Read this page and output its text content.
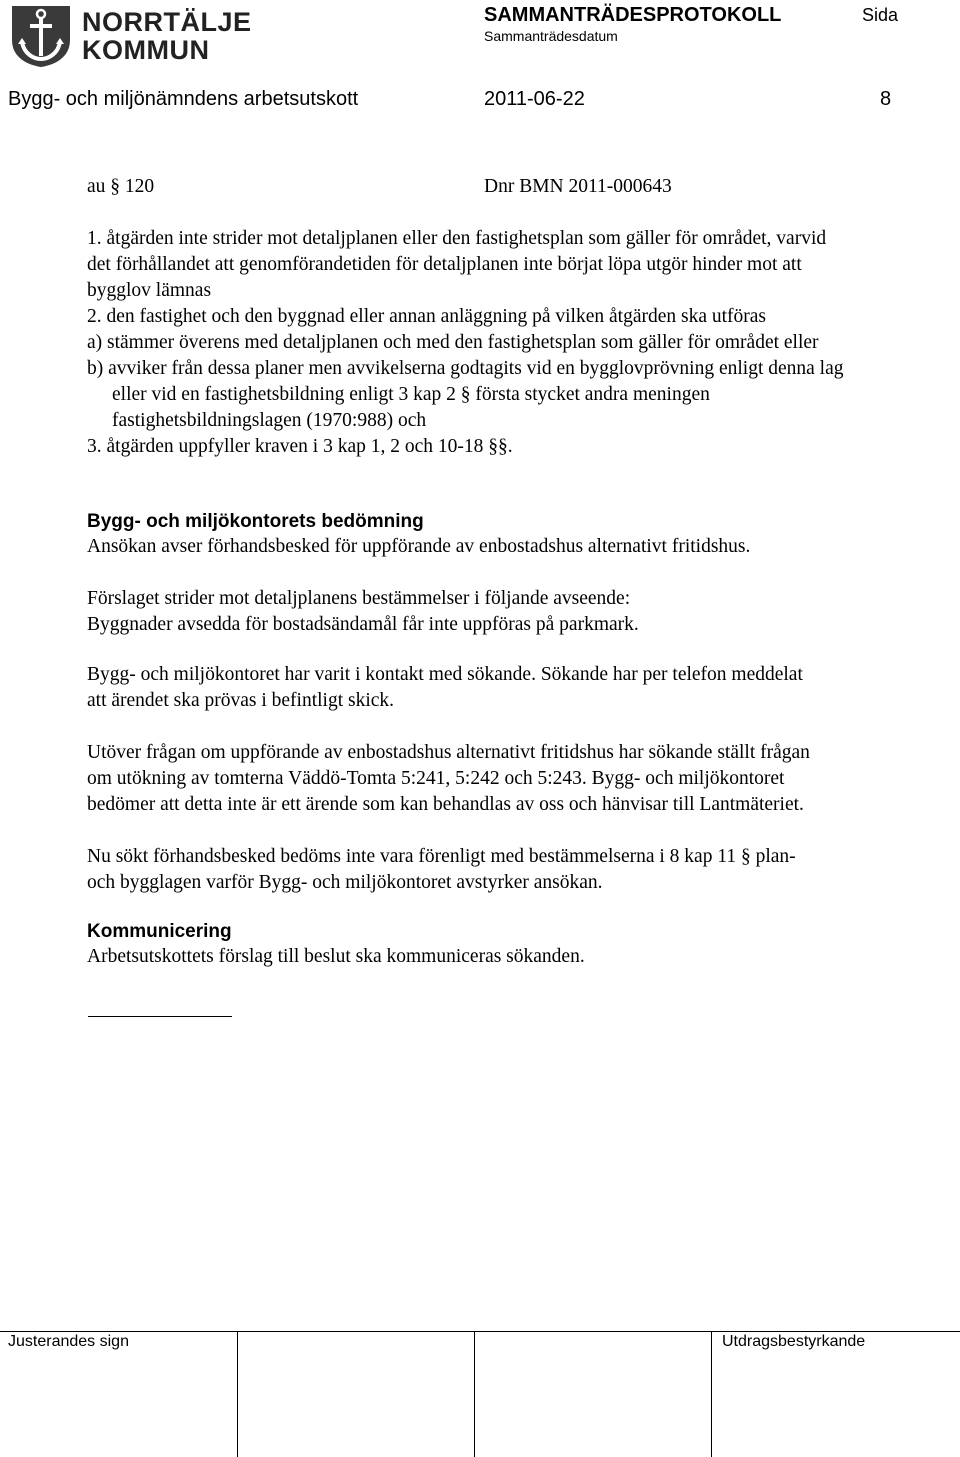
NORRTÄLJE
KOMMUN
SAMMANTRÄDESPROTOKOLL
Sammanträdesdatum
Sida
Bygg- och miljönämndens arbetsutskott	2011-06-22	8
au § 120	Dnr BMN 2011-000643
1. åtgärden inte strider mot detaljplanen eller den fastighetsplan som gäller för området, varvid
det förhållandet att genomförandetiden för detaljplanen inte börjat löpa utgör hinder mot att
bygglov lämnas
2. den fastighet och den byggnad eller annan anläggning på vilken åtgärden ska utföras
a) stämmer överens med detaljplanen och med den fastighetsplan som gäller för området eller
b) avviker från dessa planer men avvikelserna godtagits vid en bygglovprövning enligt denna lag
eller vid en fastighetsbildning enligt 3 kap 2 § första stycket andra meningen
fastighetsbildningslagen (1970:988) och
3. åtgärden uppfyller kraven i 3 kap 1, 2 och 10-18 §§.
Bygg- och miljökontorets bedömning
Ansökan avser förhandsbesked för uppförande av enbostadshus alternativt fritidshus.
Förslaget strider mot detaljplanens bestämmelser i följande avseende:
Byggnader avsedda för bostadsändamål får inte uppföras på parkmark.
Bygg- och miljökontoret har varit i kontakt med sökande. Sökande har per telefon meddelat
att ärendet ska prövas i befintligt skick.
Utöver frågan om uppförande av enbostadshus alternativt fritidshus har sökande ställt frågan
om utökning av tomterna Väddö-Tomta 5:241, 5:242 och 5:243. Bygg- och miljökontoret
bedömer att detta inte är ett ärende som kan behandlas av oss och hänvisar till Lantmäteriet.
Nu sökt förhandsbesked bedöms inte vara förenligt med bestämmelserna i 8 kap 11 § plan-
och bygglagen varför Bygg- och miljökontoret avstyrker ansökan.
Kommunicering
Arbetsutskottets förslag till beslut ska kommuniceras sökanden.
Justerandes sign	Utdragsbestyrkande
